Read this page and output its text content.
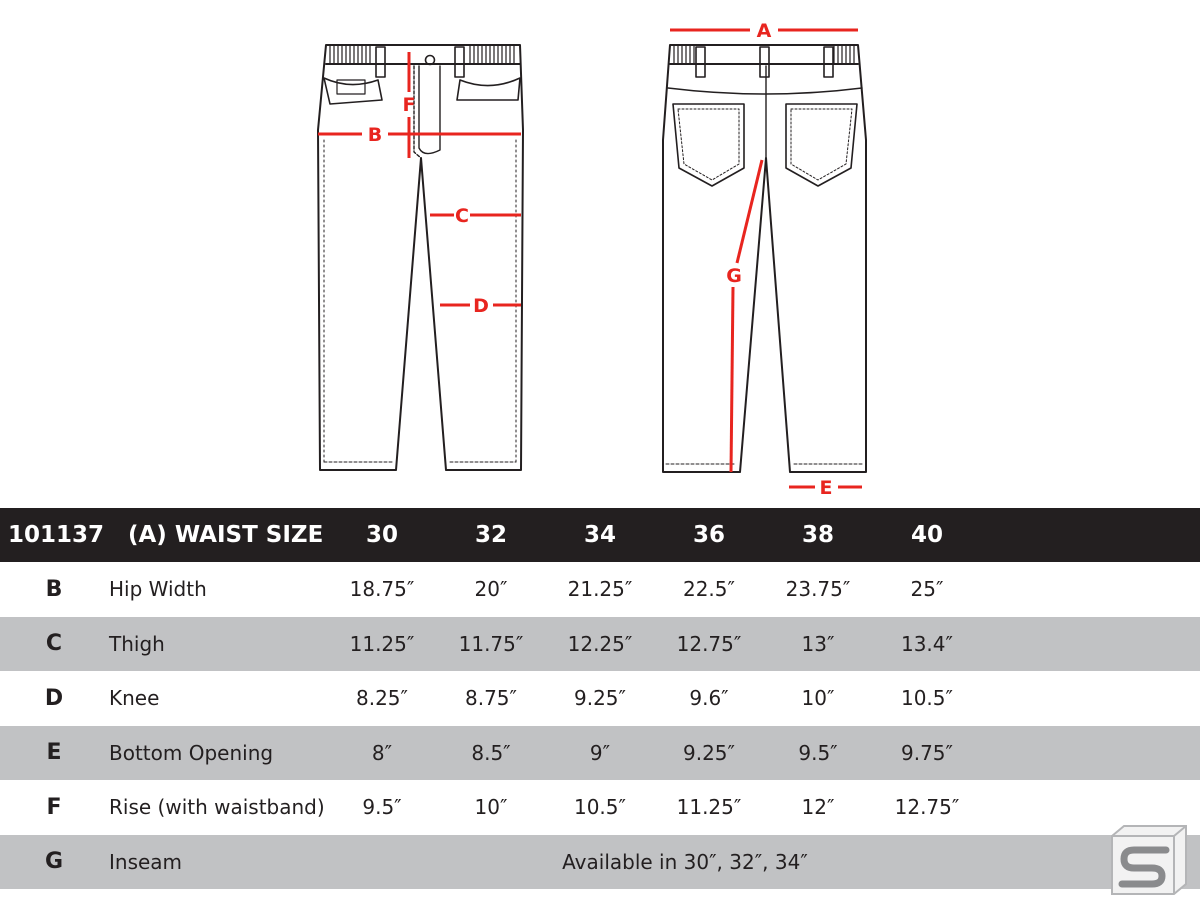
A
B
F
C
D
E
G
101137 (A) WAIST SIZE	30	32	34	36	38	40
B	Hip Width	18.75″	20″	21.25″	22.5″	23.75″	25″
C	Thigh	11.25″	11.75″	12.25″	12.75″	13″	13.4″
D	Knee	8.25″	8.75″	9.25″	9.6″	10″	10.5″
E	Bottom Opening	8″	8.5″	9″	9.25″	9.5″	9.75″
F	Rise (with waistband)	9.5″	10″	10.5″	11.25″	12″	12.75″
G	Inseam	Available in 30″, 32″, 34″
